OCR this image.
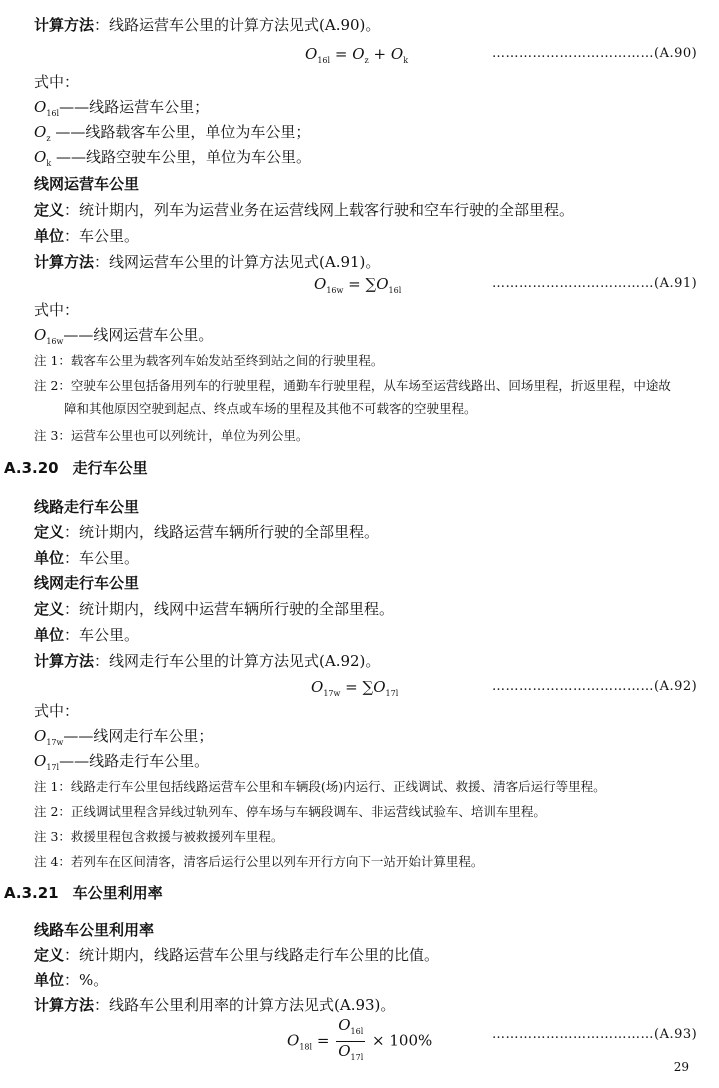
计算方法：线路运营车公里的计算方法见式(A.90)。
$O_{16l} = O_z + O_k$	………………………………(A.90)
式中：
$O_{16l}——$线路运营车公里；
$O_z$ ——线路载客车公里，单位为车公里；
$O_k$ ——线路空驶车公里，单位为车公里。
线网运营车公里
定义：统计期内，列车为运营业务在运营线网上载客行驶和空车行驶的全部里程。
单位：车公里。
计算方法：线网运营车公里的计算方法见式(A.91)。
$O_{16w} = \sum O_{16l}$	………………………………(A.91)
式中：
$O_{16w}——$线网运营车公里。
注 1：载客车公里为载客列车始发站至终到站之间的行驶里程。
注 2：空驶车公里包括备用列车的行驶里程，通勤车行驶里程，从车场至运营线路出、回场里程，折返里程，中途故
障和其他原因空驶到起点、终点或车场的里程及其他不可载客的空驶里程。
注 3：运营车公里也可以列统计，单位为列公里。
A.3.20 走行车公里
线路走行车公里
定义：统计期内，线路运营车辆所行驶的全部里程。
单位：车公里。
线网走行车公里
定义：统计期内，线网中运营车辆所行驶的全部里程。
单位：车公里。
计算方法：线网走行车公里的计算方法见式(A.92)。
$O_{17w} = \sum O_{17l}$	………………………………(A.92)
式中：
$O_{17w}——$线网走行车公里；
$O_{17l}——$线路走行车公里。
注 1：线路走行车公里包括线路运营车公里和车辆段(场)内运行、正线调试、救援、清客后运行等里程。
注 2：正线调试里程含异线过轨列车、停车场与车辆段调车、非运营线试验车、培训车里程。
注 3：救援里程包含救援与被救援列车里程。
注 4：若列车在区间清客，清客后运行公里以列车开行方向下一站开始计算里程。
A.3.21 车公里利用率
线路车公里利用率
定义：统计期内，线路运营车公里与线路走行车公里的比值。
单位：%。
计算方法：线路车公里利用率的计算方法见式(A.93)。
$O_{18l} = \frac{O_{16l}}{O_{17l}} \times 100\%$	………………………………(A.93)
29
